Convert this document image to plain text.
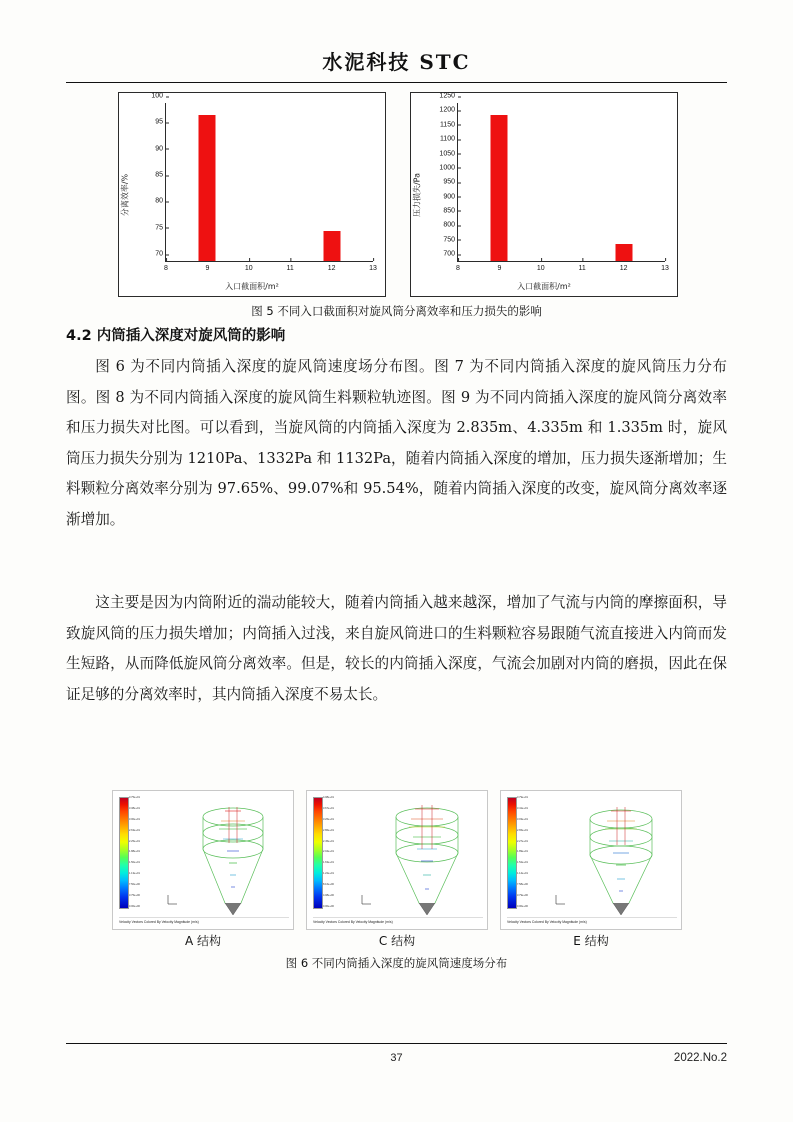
水泥科技 STC
分离效率/%
70
75
80
85
90
95
100
8	9	10	11	12	13
入口截面积/m²
压力损失/Pa
700
750
800
850
900
950
1000
1050
1100
1150
1200
1250
8	9	10	11	12	13
入口截面积/m²
图 5 不同入口截面积对旋风筒分离效率和压力损失的影响
4.2 内筒插入深度对旋风筒的影响
图 6 为不同内筒插入深度的旋风筒速度场分布图。图 7 为不同内筒插入深度的旋风筒压力分布图。图 8 为不同内筒插入深度的旋风筒生料颗粒轨迹图。图 9 为不同内筒插入深度的旋风筒分离效率和压力损失对比图。可以看到，当旋风筒的内筒插入深度为 2.835m、4.335m 和 1.335m 时，旋风筒压力损失分别为 1210Pa、1332Pa 和 1132Pa，随着内筒插入深度的增加，压力损失逐渐增加；生料颗粒分离效率分别为 97.65%、99.07%和 95.54%，随着内筒插入深度的改变，旋风筒分离效率逐渐增加。
这主要是因为内筒附近的湍动能较大，随着内筒插入越来越深，增加了气流与内筒的摩擦面积，导致旋风筒的压力损失增加；内筒插入过浅，来自旋风筒进口的生料颗粒容易跟随气流直接进入内筒而发生短路，从而降低旋风筒分离效率。但是，较长的内筒插入深度，气流会加剧对内筒的磨损，因此在保证足够的分离效率时，其内筒插入深度不易太长。
3.75e+01
3.38e+01
3.00e+01
2.63e+01
2.25e+01
1.88e+01
1.50e+01
1.13e+01
7.50e+00
3.75e+00
0.00e+00
Velocity Vectors Colored By Velocity Magnitude (m/s)
4.08e+01
3.67e+01
3.26e+01
2.86e+01
2.45e+01
2.04e+01
1.63e+01
1.22e+01
8.16e+00
4.08e+00
0.00e+00
Velocity Vectors Colored By Velocity Magnitude (m/s)
3.79e+01
3.41e+01
3.03e+01
2.65e+01
2.27e+01
1.89e+01
1.52e+01
1.14e+01
7.58e+00
3.79e+00
0.00e+00
Velocity Vectors Colored By Velocity Magnitude (m/s)
A 结构	C 结构	E 结构
图 6 不同内筒插入深度的旋风筒速度场分布
37	2022.No.2
